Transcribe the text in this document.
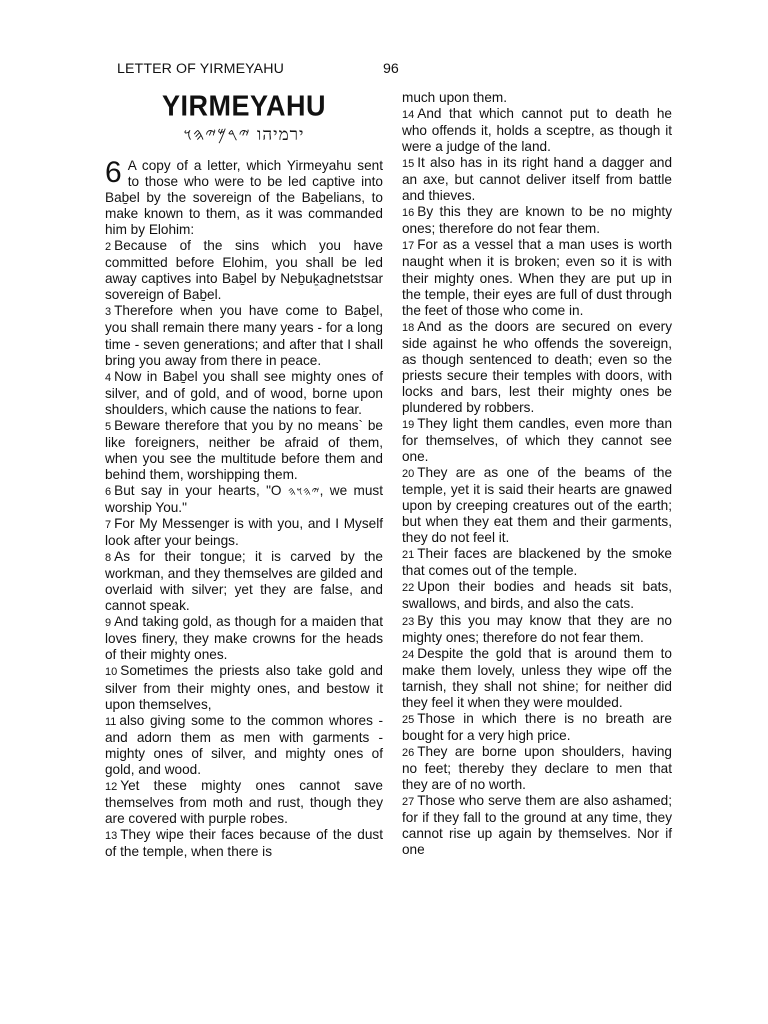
LETTER OF YIRMEYAHU	96
YIRMEYAHU
ירמיהו 𐤉𐤓𐤌𐤉𐤄𐤅

6 A copy of a letter, which Yirmeyahu sent to those who were to be led captive into Baḇel by the sovereign of the Baḇelians, to make known to them, as it was commanded him by Elohim:

2 Because of the sins which you have committed before Elohim, you shall be led away captives into Baḇel by Neḇuḵaḏnetstsar sovereign of Baḇel.

3 Therefore when you have come to Baḇel, you shall remain there many years - for a long time - seven generations; and after that I shall bring you away from there in peace.

4 Now in Baḇel you shall see mighty ones of silver, and of gold, and of wood, borne upon shoulders, which cause the nations to fear.

5 Beware therefore that you by no means` be like foreigners, neither be afraid of them, when you see the multitude before them and behind them, worshipping them.

6 But say in your hearts, "O 𐤉𐤄𐤅𐤄, we must worship You."

7 For My Messenger is with you, and I Myself look after your beings.

8 As for their tongue; it is carved by the workman, and they themselves are gilded and overlaid with silver; yet they are false, and cannot speak.

9 And taking gold, as though for a maiden that loves finery, they make crowns for the heads of their mighty ones.

10 Sometimes the priests also take gold and silver from their mighty ones, and bestow it upon themselves,

11 also giving some to the common whores - and adorn them as men with garments - mighty ones of silver, and mighty ones of gold, and wood.

12 Yet these mighty ones cannot save themselves from moth and rust, though they are covered with purple robes.

13 They wipe their faces because of the dust of the temple, when there is

much upon them.

14 And that which cannot put to death he who offends it, holds a sceptre, as though it were a judge of the land.

15 It also has in its right hand a dagger and an axe, but cannot deliver itself from battle and thieves.

16 By this they are known to be no mighty ones; therefore do not fear them.

17 For as a vessel that a man uses is worth naught when it is broken; even so it is with their mighty ones. When they are put up in the temple, their eyes are full of dust through the feet of those who come in.

18 And as the doors are secured on every side against he who offends the sovereign, as though sentenced to death; even so the priests secure their temples with doors, with locks and bars, lest their mighty ones be plundered by robbers.

19 They light them candles, even more than for themselves, of which they cannot see one.

20 They are as one of the beams of the temple, yet it is said their hearts are gnawed upon by creeping creatures out of the earth; but when they eat them and their garments, they do not feel it.

21 Their faces are blackened by the smoke that comes out of the temple.

22 Upon their bodies and heads sit bats, swallows, and birds, and also the cats.

23 By this you may know that they are no mighty ones; therefore do not fear them.

24 Despite the gold that is around them to make them lovely, unless they wipe off the tarnish, they shall not shine; for neither did they feel it when they were moulded.

25 Those in which there is no breath are bought for a very high price.

26 They are borne upon shoulders, having no feet; thereby they declare to men that they are of no worth.

27 Those who serve them are also ashamed; for if they fall to the ground at any time, they cannot rise up again by themselves. Nor if one
